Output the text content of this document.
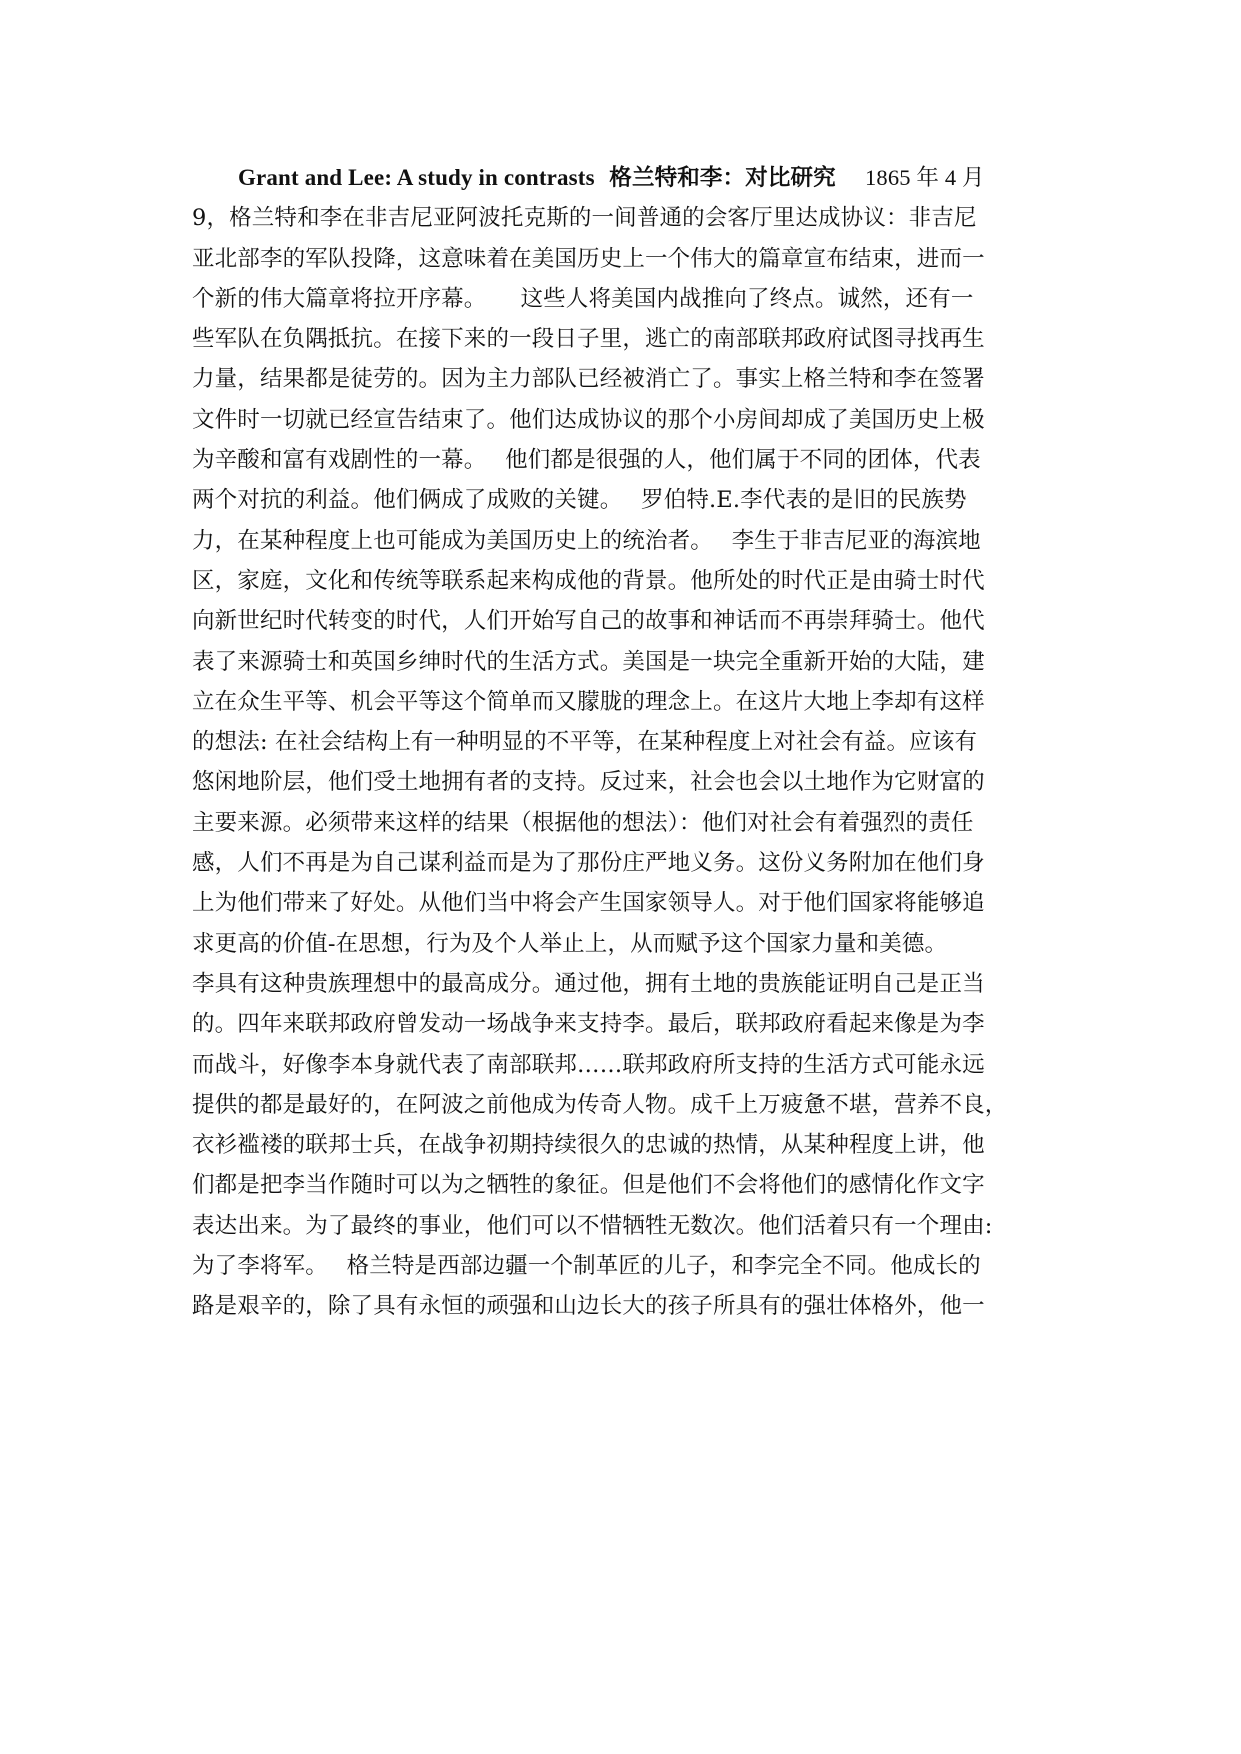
Grant and Lee: A study in contrasts 格兰特和李：对比研究 1865 年 4 月
9，格兰特和李在非吉尼亚阿波托克斯的一间普通的会客厅里达成协议：非吉尼
亚北部李的军队投降，这意味着在美国历史上一个伟大的篇章宣布结束，进而一
个新的伟大篇章将拉开序幕。　　这些人将美国内战推向了终点。诚然，还有一
些军队在负隅抵抗。在接下来的一段日子里，逃亡的南部联邦政府试图寻找再生
力量，结果都是徒劳的。因为主力部队已经被消亡了。事实上格兰特和李在签署
文件时一切就已经宣告结束了。他们达成协议的那个小房间却成了美国历史上极
为辛酸和富有戏剧性的一幕。　 他们都是很强的人，他们属于不同的团体，代表
两个对抗的利益。他们俩成了成败的关键。　 罗伯特.E.李代表的是旧的民族势
力，在某种程度上也可能成为美国历史上的统治者。　 李生于非吉尼亚的海滨地
区，家庭，文化和传统等联系起来构成他的背景。他所处的时代正是由骑士时代
向新世纪时代转变的时代，人们开始写自己的故事和神话而不再崇拜骑士。他代
表了来源骑士和英国乡绅时代的生活方式。美国是一块完全重新开始的大陆，建
立在众生平等、机会平等这个简单而又朦胧的理念上。在这片大地上李却有这样
的想法: 在社会结构上有一种明显的不平等，在某种程度上对社会有益。应该有
悠闲地阶层，他们受土地拥有者的支持。反过来，社会也会以土地作为它财富的
主要来源。必须带来这样的结果（根据他的想法）：他们对社会有着强烈的责任
感，人们不再是为自己谋利益而是为了那份庄严地义务。这份义务附加在他们身
上为他们带来了好处。从他们当中将会产生国家领导人。对于他们国家将能够追
求更高的价值-在思想，行为及个人举止上，从而赋予这个国家力量和美德。
李具有这种贵族理想中的最高成分。通过他，拥有土地的贵族能证明自己是正当
的。四年来联邦政府曾发动一场战争来支持李。最后，联邦政府看起来像是为李
而战斗，好像李本身就代表了南部联邦……联邦政府所支持的生活方式可能永远
提供的都是最好的，在阿波之前他成为传奇人物。成千上万疲惫不堪，营养不良，
衣衫褴褛的联邦士兵，在战争初期持续很久的忠诚的热情，从某种程度上讲，他
们都是把李当作随时可以为之牺牲的象征。但是他们不会将他们的感情化作文字
表达出来。为了最终的事业，他们可以不惜牺牲无数次。他们活着只有一个理由:
为了李将军。　 格兰特是西部边疆一个制革匠的儿子，和李完全不同。他成长的
路是艰辛的，除了具有永恒的顽强和山边长大的孩子所具有的强壮体格外，他一
